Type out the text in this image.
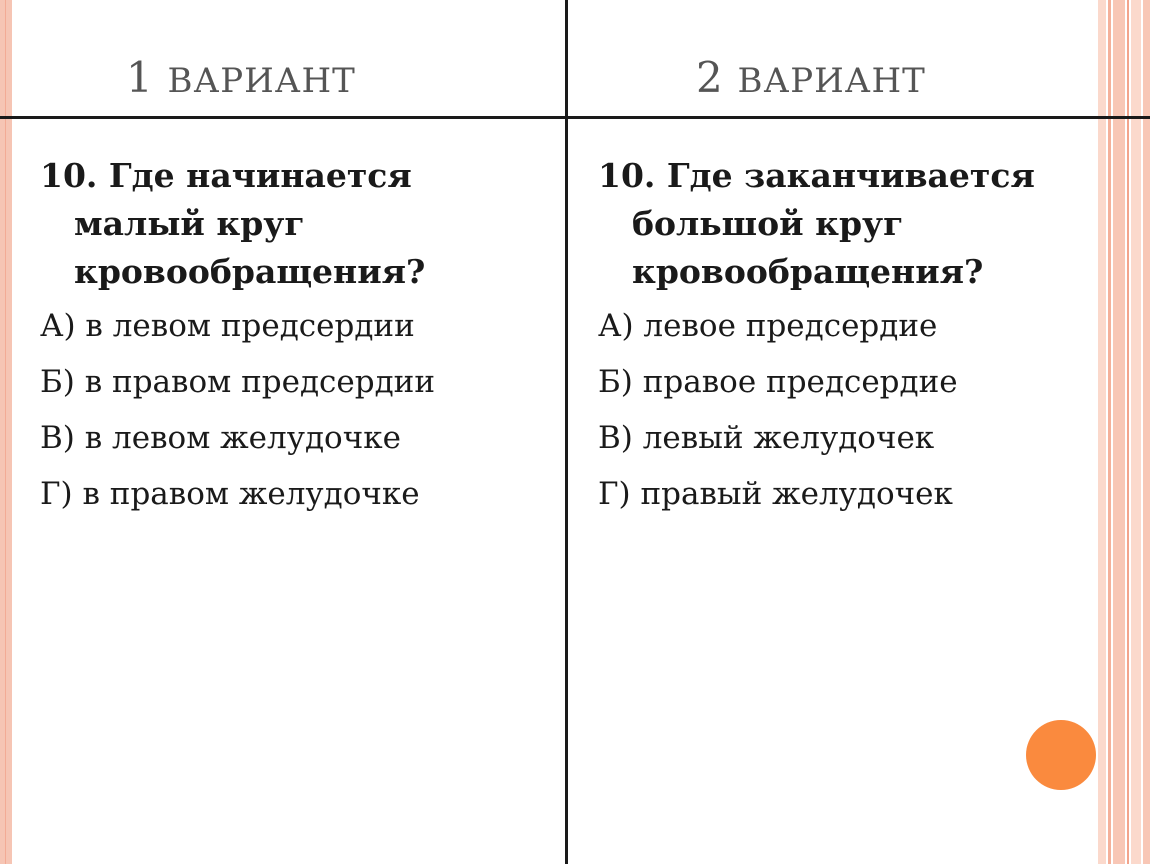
1 ВАРИАНТ	2 ВАРИАНТ

10. Где начинается малый круг кровообращения?

А) в левом предсердии
Б) в правом предсердии
В) в левом желудочке
Г) в правом желудочке

10. Где заканчивается большой круг кровообращения?

А) левое предсердие
Б) правое предсердие
В) левый желудочек
Г) правый желудочек
